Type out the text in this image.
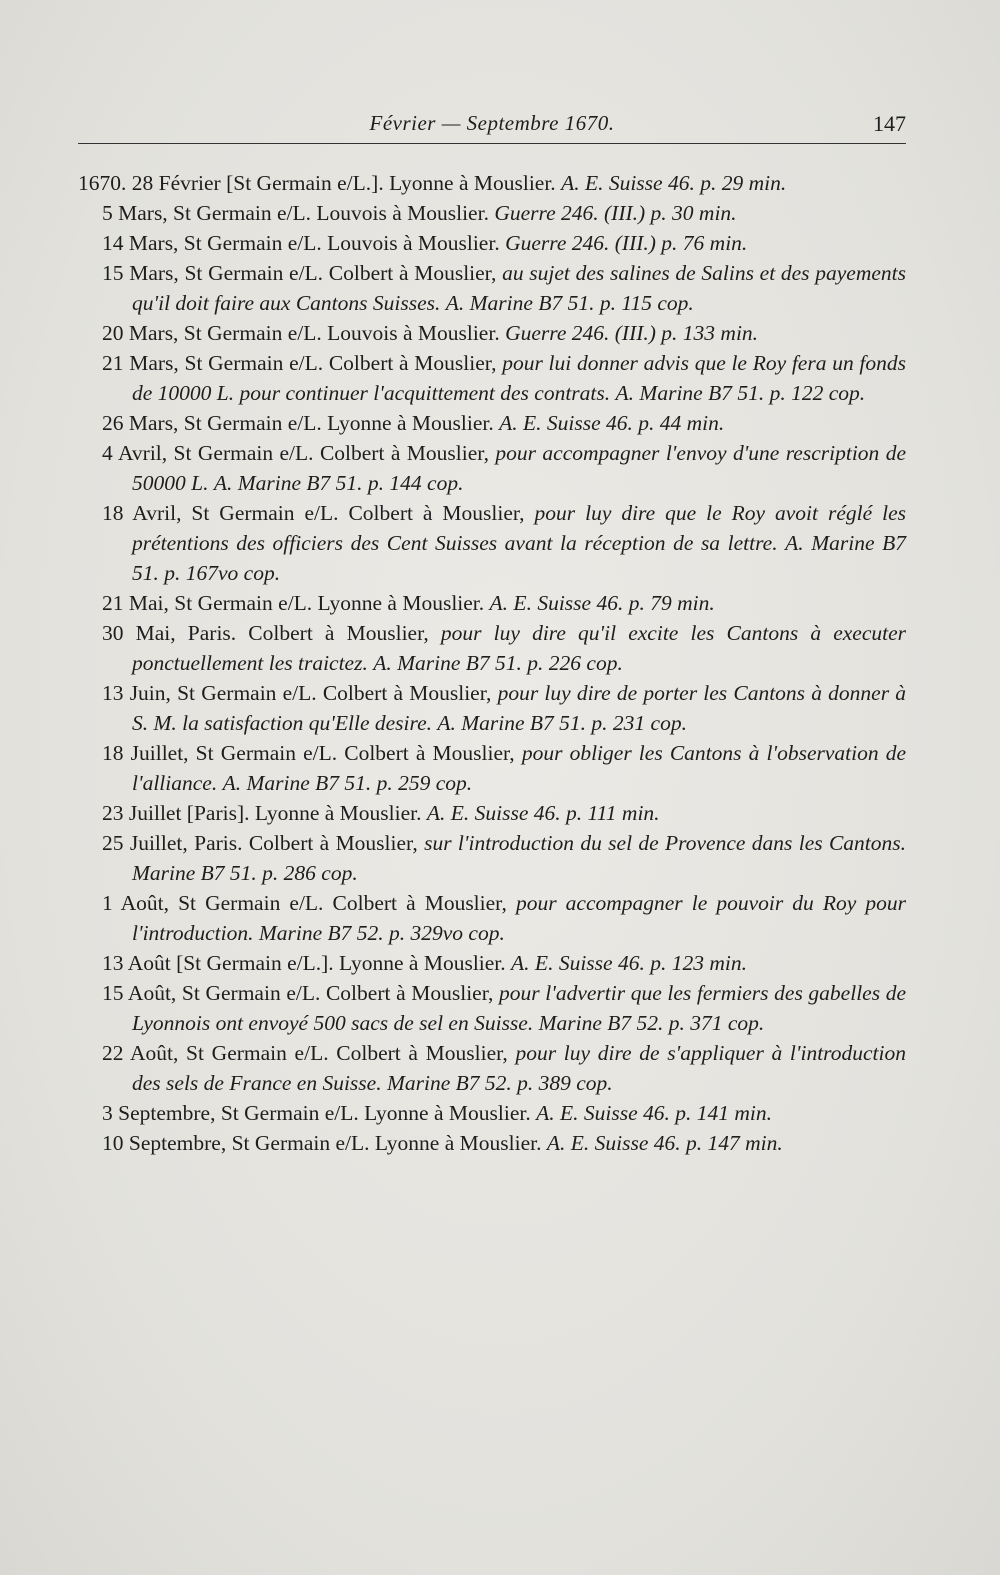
Février — Septembre 1670.	147

1670. 28 Février [St Germain e/L.]. Lyonne à Mouslier. A. E. Suisse 46. p. 29 min.

5 Mars, St Germain e/L. Louvois à Mouslier. Guerre 246. (III.) p. 30 min.

14 Mars, St Germain e/L. Louvois à Mouslier. Guerre 246. (III.) p. 76 min.

15 Mars, St Germain e/L. Colbert à Mouslier, au sujet des salines de Salins et des payements qu'il doit faire aux Cantons Suisses. A. Marine B7 51. p. 115 cop.

20 Mars, St Germain e/L. Louvois à Mouslier. Guerre 246. (III.) p. 133 min.

21 Mars, St Germain e/L. Colbert à Mouslier, pour lui donner advis que le Roy fera un fonds de 10000 L. pour continuer l'acquittement des contrats. A. Marine B7 51. p. 122 cop.

26 Mars, St Germain e/L. Lyonne à Mouslier. A. E. Suisse 46. p. 44 min.

4 Avril, St Germain e/L. Colbert à Mouslier, pour accompagner l'envoy d'une rescription de 50000 L. A. Marine B7 51. p. 144 cop.

18 Avril, St Germain e/L. Colbert à Mouslier, pour luy dire que le Roy avoit réglé les prétentions des officiers des Cent Suisses avant la réception de sa lettre. A. Marine B7 51. p. 167vo cop.

21 Mai, St Germain e/L. Lyonne à Mouslier. A. E. Suisse 46. p. 79 min.

30 Mai, Paris. Colbert à Mouslier, pour luy dire qu'il excite les Cantons à executer ponctuellement les traictez. A. Marine B7 51. p. 226 cop.

13 Juin, St Germain e/L. Colbert à Mouslier, pour luy dire de porter les Cantons à donner à S. M. la satisfaction qu'Elle desire. A. Marine B7 51. p. 231 cop.

18 Juillet, St Germain e/L. Colbert à Mouslier, pour obliger les Cantons à l'observation de l'alliance. A. Marine B7 51. p. 259 cop.

23 Juillet [Paris]. Lyonne à Mouslier. A. E. Suisse 46. p. 111 min.

25 Juillet, Paris. Colbert à Mouslier, sur l'introduction du sel de Provence dans les Cantons. Marine B7 51. p. 286 cop.

1 Août, St Germain e/L. Colbert à Mouslier, pour accompagner le pouvoir du Roy pour l'introduction. Marine B7 52. p. 329vo cop.

13 Août [St Germain e/L.]. Lyonne à Mouslier. A. E. Suisse 46. p. 123 min.

15 Août, St Germain e/L. Colbert à Mouslier, pour l'advertir que les fermiers des gabelles de Lyonnois ont envoyé 500 sacs de sel en Suisse. Marine B7 52. p. 371 cop.

22 Août, St Germain e/L. Colbert à Mouslier, pour luy dire de s'appliquer à l'introduction des sels de France en Suisse. Marine B7 52. p. 389 cop.

3 Septembre, St Germain e/L. Lyonne à Mouslier. A. E. Suisse 46. p. 141 min.

10 Septembre, St Germain e/L. Lyonne à Mouslier. A. E. Suisse 46. p. 147 min.
